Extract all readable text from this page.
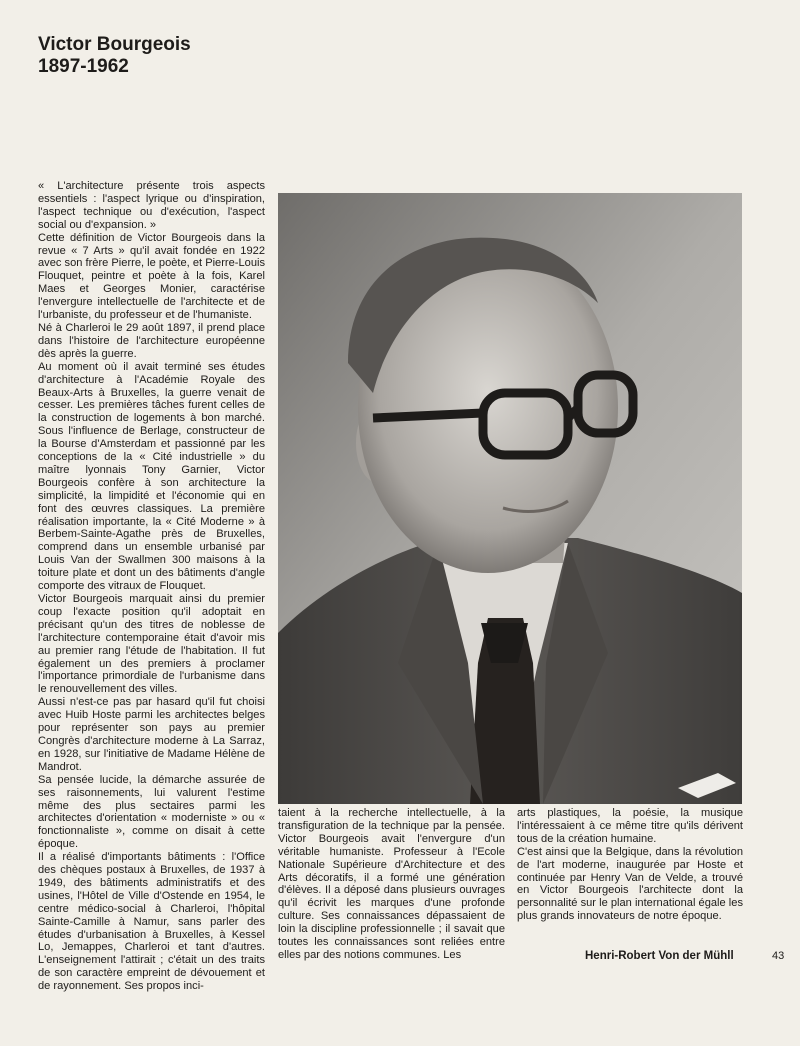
Victor Bourgeois
1897-1962

« L'architecture présente trois aspects essentiels : l'aspect lyrique ou d'inspiration, l'aspect technique ou d'exécution, l'aspect social ou d'expansion. »

Cette définition de Victor Bourgeois dans la revue « 7 Arts » qu'il avait fondée en 1922 avec son frère Pierre, le poète, et Pierre-Louis Flouquet, peintre et poète à la fois, Karel Maes et Georges Monier, caractérise l'envergure intellectuelle de l'architecte et de l'urbaniste, du professeur et de l'humaniste.

Né à Charleroi le 29 août 1897, il prend place dans l'histoire de l'architecture européenne dès après la guerre.

Au moment où il avait terminé ses études d'architecture à l'Académie Royale des Beaux-Arts à Bruxelles, la guerre venait de cesser. Les premières tâches furent celles de la construction de logements à bon marché. Sous l'influence de Berlage, constructeur de la Bourse d'Amsterdam et passionné par les conceptions de la « Cité industrielle » du maître lyonnais Tony Garnier, Victor Bourgeois confère à son architecture la simplicité, la limpidité et l'économie qui en font des œuvres classiques. La première réalisation importante, la « Cité Moderne » à Berbem-Sainte-Agathe près de Bruxelles, comprend dans un ensemble urbanisé par Louis Van der Swallmen 300 maisons à la toiture plate et dont un des bâtiments d'angle comporte des vitraux de Flouquet.

Victor Bourgeois marquait ainsi du premier coup l'exacte position qu'il adoptait en précisant qu'un des titres de noblesse de l'architecture contemporaine était d'avoir mis au premier rang l'étude de l'habitation. Il fut également un des premiers à proclamer l'importance primordiale de l'urbanisme dans le renouvellement des villes.

Aussi n'est-ce pas par hasard qu'il fut choisi avec Huib Hoste parmi les architectes belges pour représenter son pays au premier Congrès d'architecture moderne à La Sarraz, en 1928, sur l'initiative de Madame Hélène de Mandrot.

Sa pensée lucide, la démarche assurée de ses raisonnements, lui valurent l'estime même des plus sectaires parmi les architectes d'orientation « moderniste » ou « fonctionnaliste », comme on disait à cette époque.

Il a réalisé d'importants bâtiments : l'Office des chèques postaux à Bruxelles, de 1937 à 1949, des bâtiments administratifs et des usines, l'Hôtel de Ville d'Ostende en 1954, le centre médico-social à Charleroi, l'hôpital Sainte-Camille à Namur, sans parler des études d'urbanisation à Bruxelles, à Kessel Lo, Jemappes, Charleroi et tant d'autres. L'enseignement l'attirait ; c'était un des traits de son caractère empreint de dévouement et de rayonnement. Ses propos inci-

taient à la recherche intellectuelle, à la transfiguration de la technique par la pensée. Victor Bourgeois avait l'envergure d'un véritable humaniste. Professeur à l'Ecole Nationale Supérieure d'Architecture et des Arts décoratifs, il a formé une génération d'élèves. Il a déposé dans plusieurs ouvrages qu'il écrivit les marques d'une profonde culture. Ses connaissances dépassaient de loin la discipline professionnelle ; il savait que toutes les connaissances sont reliées entre elles par des notions communes. Les

arts plastiques, la poésie, la musique l'intéressaient à ce même titre qu'ils dérivent tous de la création humaine.

C'est ainsi que la Belgique, dans la révolution de l'art moderne, inaugurée par Hoste et continuée par Henry Van de Velde, a trouvé en Victor Bourgeois l'architecte dont la personnalité sur le plan international égale les plus grands innovateurs de notre époque.

Henri-Robert Von der Mühll	43
